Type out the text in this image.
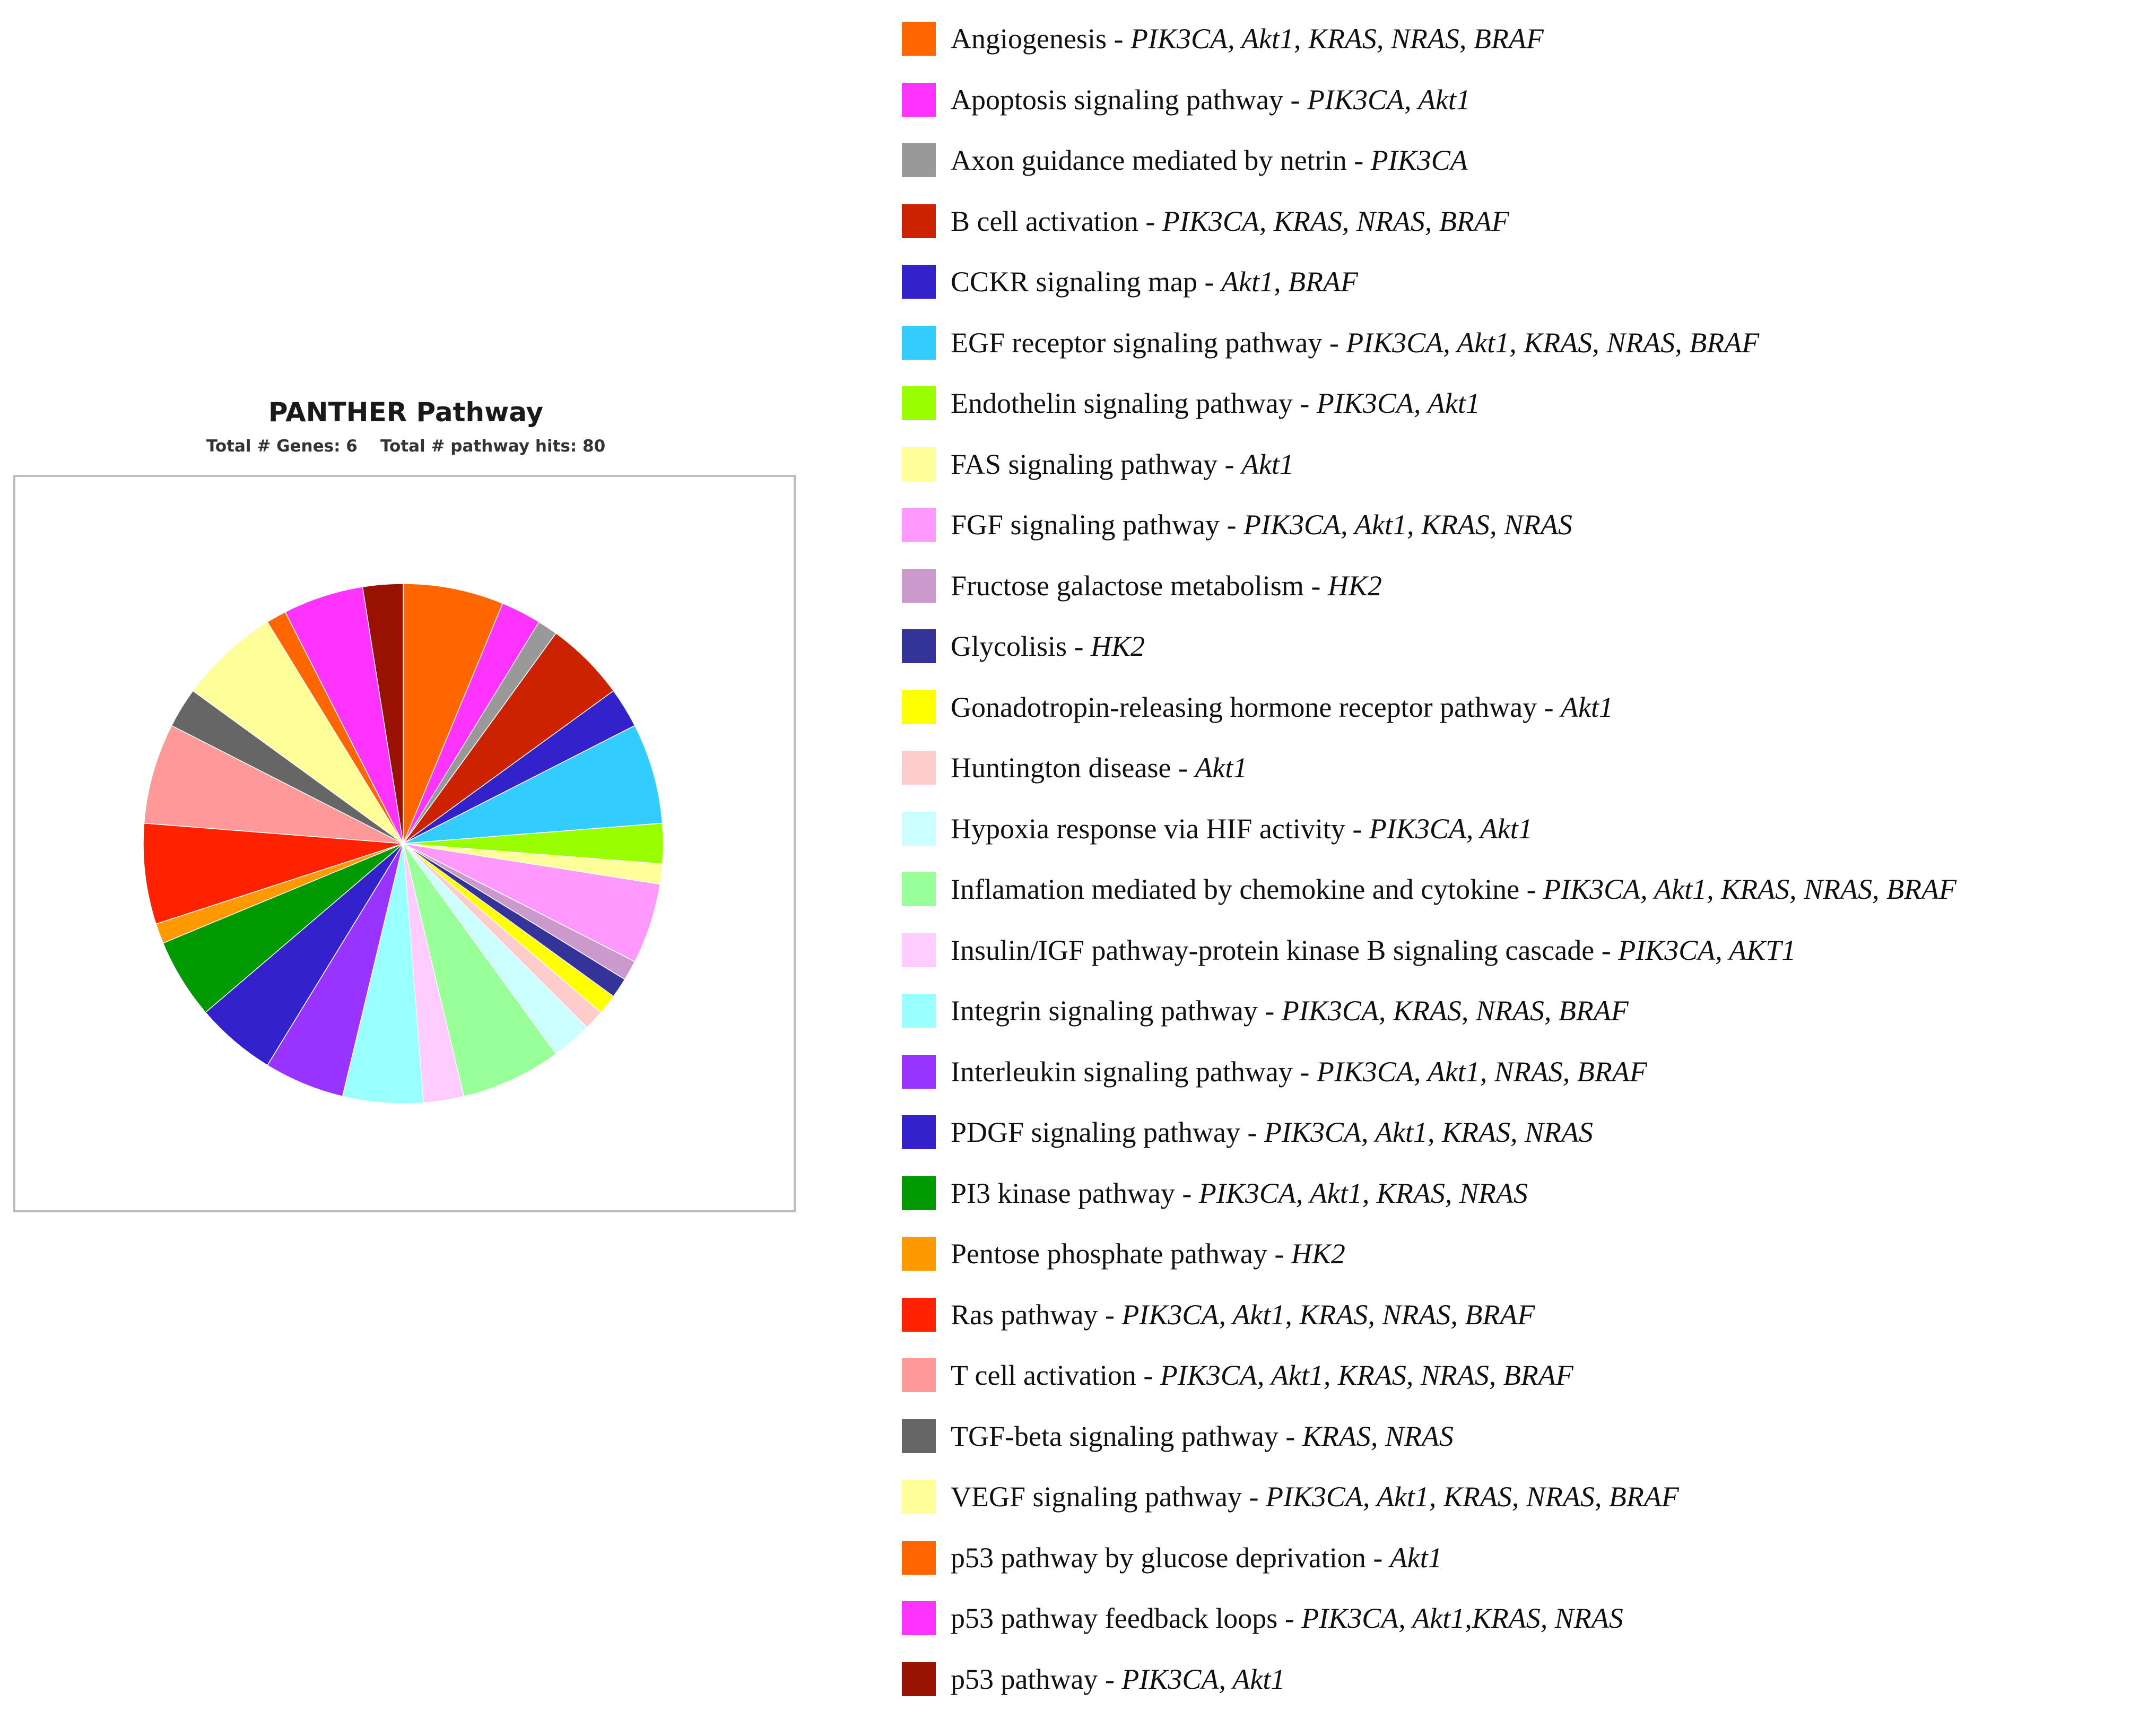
PANTHER Pathway
Total # Genes: 6    Total # pathway hits: 80
Angiogenesis - PIK3CA, Akt1, KRAS, NRAS, BRAF
Apoptosis signaling pathway - PIK3CA, Akt1
Axon guidance mediated by netrin - PIK3CA
B cell activation - PIK3CA, KRAS, NRAS, BRAF
CCKR signaling map - Akt1, BRAF
EGF receptor signaling pathway - PIK3CA, Akt1, KRAS, NRAS, BRAF
Endothelin signaling pathway - PIK3CA, Akt1
FAS signaling pathway - Akt1
FGF signaling pathway - PIK3CA, Akt1, KRAS, NRAS
Fructose galactose metabolism - HK2
Glycolisis - HK2
Gonadotropin-releasing hormone receptor pathway - Akt1
Huntington disease - Akt1
Hypoxia response via HIF activity - PIK3CA, Akt1
Inflamation mediated by chemokine and cytokine - PIK3CA, Akt1, KRAS, NRAS, BRAF
Insulin/IGF pathway-protein kinase B signaling cascade - PIK3CA, AKT1
Integrin signaling pathway - PIK3CA, KRAS, NRAS, BRAF
Interleukin signaling pathway - PIK3CA, Akt1, NRAS, BRAF
PDGF signaling pathway - PIK3CA, Akt1, KRAS, NRAS
PI3 kinase pathway - PIK3CA, Akt1, KRAS, NRAS
Pentose phosphate pathway - HK2
Ras pathway - PIK3CA, Akt1, KRAS, NRAS, BRAF
T cell activation - PIK3CA, Akt1, KRAS, NRAS, BRAF
TGF-beta signaling pathway - KRAS, NRAS
VEGF signaling pathway - PIK3CA, Akt1, KRAS, NRAS, BRAF
p53 pathway by glucose deprivation - Akt1
p53 pathway feedback loops - PIK3CA, Akt1,KRAS, NRAS
p53 pathway - PIK3CA, Akt1
